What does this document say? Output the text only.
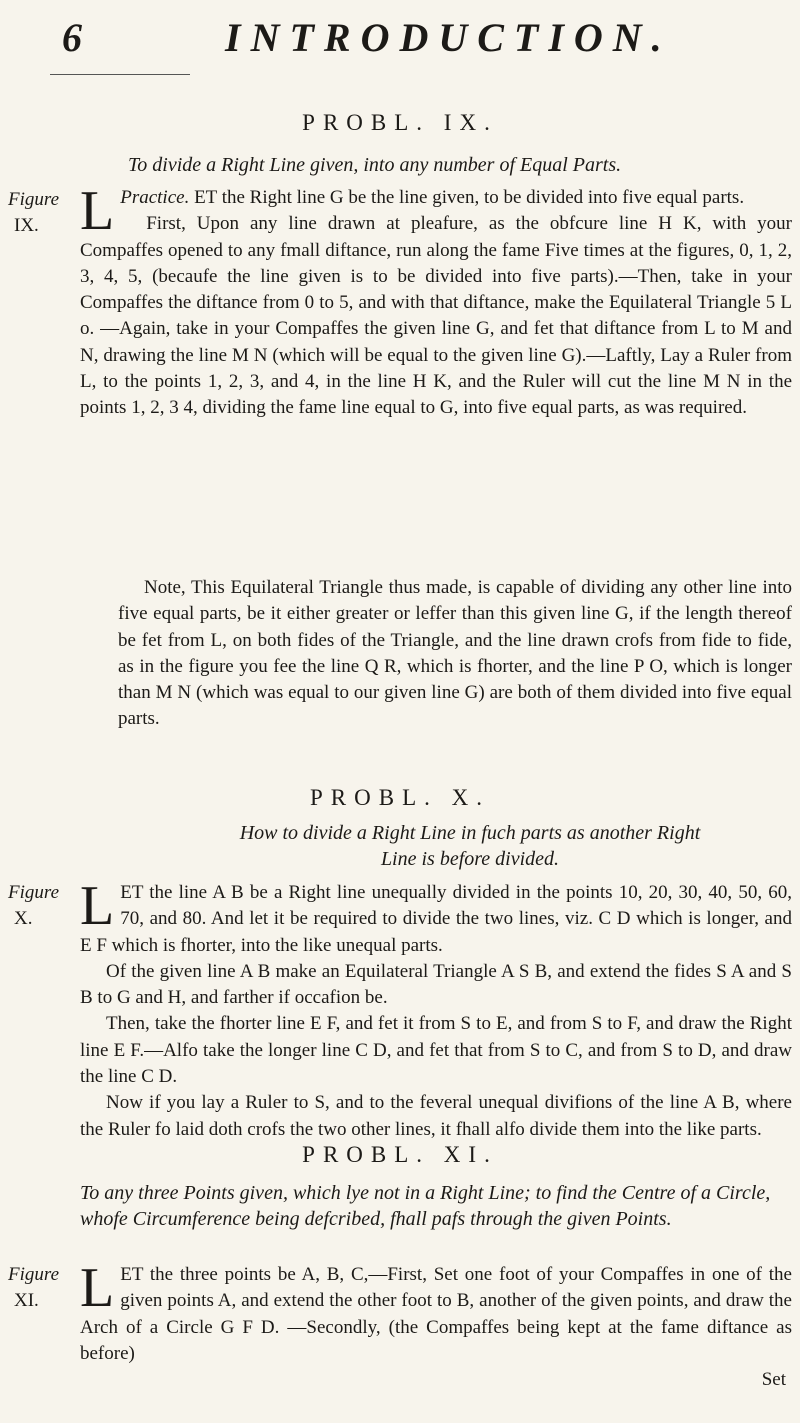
6	INTRODUCTION.
PROBL. IX.
To divide a Right Line given, into any number of Equal Parts.
Figure
IX.

Practice.
L	ET the Right line G be the line given, to be divided into five equal parts.

First, Upon any line drawn at pleafure, as the obfcure line H K, with your Compaffes opened to any fmall diftance, run along the fame Five times at the figures, 0, 1, 2, 3, 4, 5, (becaufe the line given is to be divided into five parts).—Then, take in your Compaffes the diftance from 0 to 5, and with that diftance, make the Equilateral Triangle 5 L o. —Again, take in your Compaffes the given line G, and fet that diftance from L to M and N, drawing the line M N (which will be equal to the given line G).—Laftly, Lay a Ruler from L, to the points 1, 2, 3, and 4, in the line H K, and the Ruler will cut the line M N in the points 1, 2, 3 4, dividing the fame line equal to G, into five equal parts, as was required.

Note, This Equilateral Triangle thus made, is capable of dividing any other line into five equal parts, be it either greater or leffer than this given line G, if the length thereof be fet from L, on both fides of the Triangle, and the line drawn crofs from fide to fide, as in the figure you fee the line Q R, which is fhorter, and the line P O, which is longer than M N (which was equal to our given line G) are both of them divided into five equal parts.

PROBL. X.
How to divide a Right Line in fuch parts as another Right Line is before divided.
Figure
X. L ET the line A B be a Right line unequally divided in the points 10, 20, 30, 40, 50, 60, 70, and 80. And let it be required to divide the two lines, viz. C D which is longer, and E F which is fhorter, into the like unequal parts.

Of the given line A B make an Equilateral Triangle A S B, and extend the fides S A and S B to G and H, and farther if occafion be.

Then, take the fhorter line E F, and fet it from S to E, and from S to F, and draw the Right line E F.—Alfo take the longer line C D, and fet that from S to C, and from S to D, and draw the line C D.

Now if you lay a Ruler to S, and to the feveral unequal divifions of the line A B, where the Ruler fo laid doth crofs the two other lines, it fhall alfo divide them into the like parts.

PROBL. XI.
To any three Points given, which lye not in a Right Line; to find the Centre of a Circle, whofe Circumference being defcribed, fhall pafs through the given Points.
Figure
XI. L ET the three points be A, B, C,—First, Set one foot of your Compaffes in one of the given points A, and extend the other foot to B, another of the given points, and draw the Arch of a Circle G F D. —Secondly, (the Compaffes being kept at the fame diftance as before)

Set
